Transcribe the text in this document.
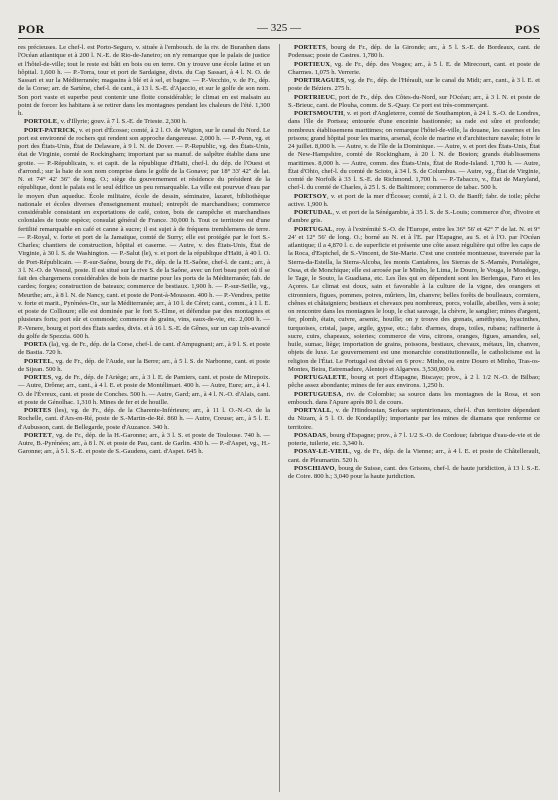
POR	— 325 —	POS

res précieuses. Le chef-l. est Porto-Seguro, v. située à l'embouch. de la riv. de Buranhen dans l'Océan atlantique et à 200 l. N.-E. de Rio-de-Janeiro; on n'y remarque que le palais de justice et l'hôtel-de-ville; tout le reste est bâti en bois ou en terre. On y trouve une école latine et un hôpital. 1,600 h. — P.-Torra, tour et port de Sardaigne, divis. du Cap Sassari, à 4 l. N. O. de Sassari et sur la Méditerranée; magasins à blé et à sel, et bagne. — P.-Vecchio, v. de Fr., dép. de la Corse; arr. de Sartène, chef-l. de cant., à 13 l. S.-E. d'Ajaccio, et sur le golfe de son nom. Son port vaste et superbe peut contenir une flotte considérable; le climat en est malsain au point de forcer les habitans à se retirer dans les montagnes pendant les chaleurs de l'été. 1,300 h.

PORTOLE, v. d'Illyrie; gouv. à 7 l. S.-E. de Trieste. 2,300 h.

PORT-PATRICK, v. et port d'Écosse; comté, à 2 l. O. de Wigton, sur le canal du Nord. Le port est environné de rochers qui rendent son approche dangereuse. 2,000 h. — P.-Penn, vg. et port des États-Unis, État de Delaware, à 9 l. N. de Dover. — P.-Republic, vg. des États-Unis, état de Virginie, comté de Rockingham; important par sa manuf. de salpêtre établie dans une grotte. — P.-Républicain, v. et capit. de la république d'Haïti, chef-l. du dép. de l'Ouest et d'arrond.; sur la baie de son nom comprise dans le golfe de la Gonave; par 18° 33' 42" de lat. N. et 74° 42' 36" de long. O.; siège du gouvernement et résidence du président de la république, dont le palais est le seul édifice un peu remarquable. La ville est pourvue d'eau par le moyen d'un aqueduc. École militaire, école de dessin, séminaire, lazaret, bibliothèque nationale et écoles diverses d'enseignement mutuel; entrepôt de marchandises; commerce considérable consistant en exportations de café, coton, bois de campêche et marchandises coloniales de toute espèce; consulat général de France. 30,000 h. Tout ce territoire est d'une fertilité remarquable en café et canne à sucre; il est sujet à de fréquens tremblemens de terre. — P.-Royal, v. forte et port de la Jamaïque, comté de Surry; elle est protégée par le fort S.-Charles; chantiers de construction, hôpital et caserne. — Autre, v. des États-Unis, État de Virginie, à 30 l. S. de Washington. — P.-Salut (le), v. et port de la république d'Haïti, à 40 l. O. de Port-Républicain. — P.-sur-Saône, bourg de Fr., dép. de la H.-Saône, chef-l. de cant.; arr., à 3 l. N.-O. de Vesoul, poste. Il est situé sur la rive S. de la Saône, avec un fort beau port où il se fait des chargemens considérables de bois de marine pour les ports de la Méditerranée; fab. de cardes; forges; construction de bateaux; commerce de bestiaux. 1,900 h. — P.-sur-Seille, vg., Meurthe; arr., à 8 l. N. de Nancy, cant. et poste de Pont-à-Mousson. 400 h. — P.-Vendres, petite v. forte et marit., Pyrénées-Or., sur la Méditerranée; arr., à 10 l. de Céret; cant., comm., à 1 l. E. et poste de Collioure; elle est dominée par le fort S.-Elme, et défendue par des montagnes et plusieurs forts; port sûr et commode; commerce de grains, vins, eaux-de-vie, etc. 2,000 h. — P.-Venere, bourg et port des États sardes, divis. et à 16 l. S.-E. de Gênes, sur un cap très-avancé du golfe de Spezzia. 600 h.

PORTA (la), vg. de Fr., dép. de la Corse, chef-l. de cant. d'Ampugnani; arr., à 9 l. S. et poste de Bastia. 720 h.

PORTEL, vg. de Fr., dép. de l'Aude, sur la Berre; arr., à 5 l. S. de Narbonne, cant. et poste de Sijean. 500 h.

PORTES, vg. de Fr., dép. de l'Ariège; arr., à 3 l. E. de Pamiers, cant. et poste de Mirepoix. — Autre, Drôme; arr., cant., à 4 l. E. et poste de Montélimart. 400 h. — Autre, Eure; arr., à 4 l. O. de l'Évreux, cant. et poste de Conches. 500 h. — Autre, Gard; arr., à 4 l. N.-O. d'Alais, cant. et poste de Génolhac. 1,310 h. Mines de fer et de houille.

PORTES (les), vg. de Fr., dép. de la Charente-Inférieure; arr., à 11 l. O.-N.-O. de la Rochelle, cant. d'Ars-en-Ré, poste de S.-Martin-de-Ré. 860 h. — Autre, Creuse; arr., à 5 l. E. d'Aubusson, cant. de Bellegarde, poste d'Auzance. 340 h.

PORTET, vg. de Fr., dép. de la H.-Garonne; arr., à 3 l. S. et poste de Toulouse. 740 h. — Autre, B.-Pyrénées; arr., à 8 l. N. et poste de Pau, cant. de Garlin. 430 h. — P.-d'Aspet, vg., H.-Garonne; arr., à 5 l. S.-E. et poste de S.-Gaudens, cant. d'Aspet. 645 h.

PORTETS, bourg de Fr., dép. de la Gironde; arr., à 5 l. S.-E. de Bordeaux, cant. de Podensac; poste de Castres. 1,780 h.

PORTIEUX, vg. de Fr., dép. des Vosges; arr., à 5 l. E. de Mirecourt, cant. et poste de Charmes. 1,075 h. Verrerie.

PORTIRAGUES, vg. de Fr., dép. de l'Hérault, sur le canal du Midi; arr., cant., à 3 l. E. et poste de Béziers. 275 h.

PORTRIEUC, port de Fr., dép. des Côtes-du-Nord, sur l'Océan; arr., à 3 l. N. et poste de S.-Brieuc, cant. de Plouha, comm. de S.-Quay. Ce port est très-commerçant.

PORTSMOUTH, v. et port d'Angleterre, comté de Southampton, à 24 l. S.-O. de Londres, dans l'île de Portsea; entourée d'une enceinte bastionnée; sa rade est sûre et profonde; nombreux établissemens maritimes; on remarque l'hôtel-de-ville, la douane, les casernes et les prisons; grand hôpital pour les marins, arsenal, école de marine et d'architecture navale; foire le 24 juillet. 8,000 h. — Autre, v. de l'île de la Dominique. — Autre, v. et port des États-Unis, État de New-Hampshire, comté de Rockingham, à 20 l. N. de Boston; grands établissemens maritimes. 8,000 h. — Autre, comm. des États-Unis, État de Rode-Island. 1,700 h. — Autre, État d'Ohio, chef-l. du comté de Scioto, à 34 l. S. de Columbus. — Autre, vg., État de Virginie, comté de Norfolk à 33 l. S.-E. de Richmond. 1,700 h. — P.-Tabacco, v., État de Maryland, chef-l. du comté de Charles, à 25 l. S. de Baltimore; commerce de tabac. 500 h.

PORTSOY, v. et port de la mer d'Écosse; comté, à 2 l. O. de Banff; fabr. de toile; pêche active. 1,900 h.

PORTUDAL, v. et port de la Sénégambie, à 35 l. S. de S.-Louis; commerce d'or, d'ivoire et d'ambre gris.

PORTUGAL, roy. à l'extrémité S.-O. de l'Europe, entre les 36° 56' et 42° 7' de lat. N. et 9° 24' et 12° 56' de long. O.; borné au N. et à l'E. par l'Espagne, au S. et à l'O. par l'Océan atlantique; il a 4,870 l. c. de superficie et présente une côte assez régulière qui offre les caps de la Roca, d'Espichel, de S.-Vincent, de Ste-Marie. C'est une contrée montueuse, traversée par la Sierra-da-Estella, la Sierra-Alcoba, les monts Cantabres, les Sierras de S.-Mamès, Portalègre, Ossa, et de Monchique; elle est arrosée par le Minho, le Lima, le Douro, le Vouga, le Mondego, le Tage, le Souto, la Guadiana, etc. Les îles qui en dépendent sont les Berlengas, Faro et les Açores. Le climat est doux, sain et favorable à la culture de la vigne, des orangers et citronniers, figues, pommes, poires, mûriers, lin, chanvre; belles forêts de boulleaux, cormiers, chênes et châtaigniers; bestiaux et chevaux peu nombreux, porcs, volaille, abeilles, vers à soie; on rencontre dans les montagnes le loup, le chat sauvage, la chèvre, le sanglier; mines d'argent, fer, plomb, étain, cuivre, arsenic, houille; on y trouve des grenats, améthystes, hyacinthes, turquoises, cristal, jaspe, argile, gypse, etc.; fabr. d'armes, draps, toiles, rubans; raffinerie à sucre, cuirs, chapeaux, soieries; commerce de vins, citrons, oranges, figues, amandes, sel, huile, sumac, liège; importation de grains, poissons, bestiaux, chevaux, métaux, lin, chanvre, objets de luxe. Le gouvernement est une monarchie constitutionnelle, le catholicisme est la religion de l'État. Le Portugal est divisé en 6 prov.: Minho, ou entre Douro et Minho, Tras-os-Montes, Beira, Estremadure, Alentejo et Algarves. 3,530,000 h.

PORTUGALETE, bourg et port d'Espagne, Biscaye; prov., à 2 l. 1/2 N.-O. de Bilbao; pêche assez abondante; mines de fer aux environs. 1,250 h.

PORTUGUESA, riv. de Colombie; sa source dans les montagnes de la Rosa, et son embouch. dans l'Apure après 80 l. de cours.

PORTYALL, v. de l'Hindoustan, Serkars septentrionaux, chef-l. d'un territoire dépendant du Nizam, à 5 l. O. de Kondapilly; importante par les mines de diamans que renferme ce territoire.

POSADAS, bourg d'Espagne; prov., à 7 l. 1/2 S.-O. de Cordoue; fabrique d'eau-de-vie et de poterie, tuilerie, etc. 3,340 h.

POSAY-LE-VIEIL, vg. de Fr., dép. de la Vienne; arr., à 4 l. E. et poste de Châtellerault, cant. de Pleumartin. 520 h.

POSCHIAVO, bourg de Suisse, cant. des Grisons, chef-l. de haute juridiction, à 13 l. S.-E. de Coire. 800 h.; 3,040 pour la haute juridiction.
